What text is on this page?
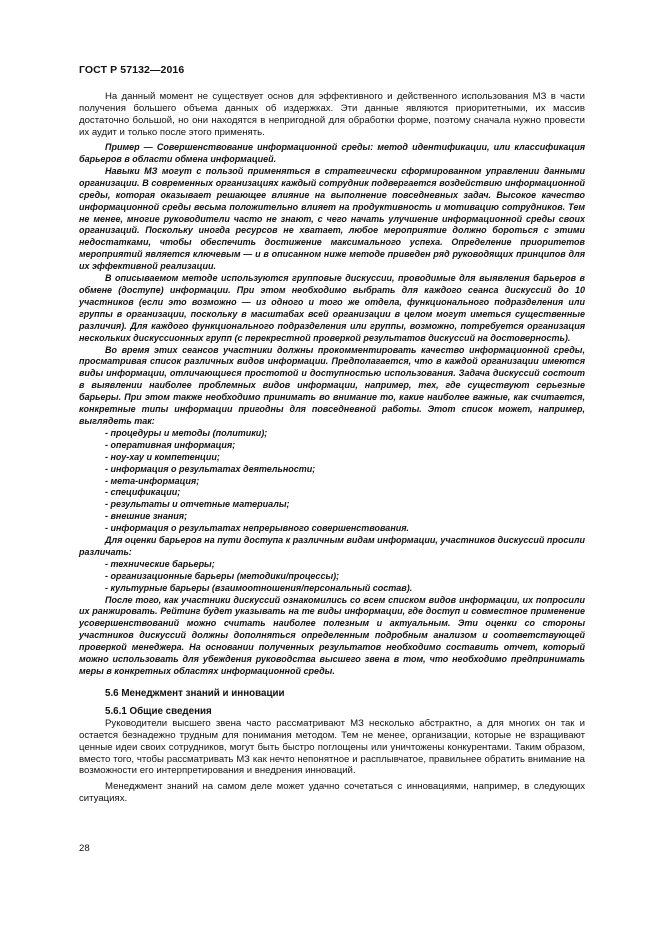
ГОСТ Р 57132—2016

На данный момент не существует основ для эффективного и действенного использования МЗ в части получения большего объема данных об издержках. Эти данные являются приоритетными, их массив достаточно большой, но они находятся в непригодной для обработки форме, поэтому сначала нужно провести их аудит и только после этого применять.

Пример — Совершенствование информационной среды: метод идентификации, или классификация барьеров в области обмена информацией.

Навыки МЗ могут с пользой применяться в стратегически сформированном управлении данными организации. В современных организациях каждый сотрудник подвергается воздействию информационной среды, которая оказывает решающее влияние на выполнение повседневных задач. Высокое качество информационной среды весьма положительно влияет на продуктивность и мотивацию сотрудников. Тем не менее, многие руководители часто не знают, с чего начать улучшение информационной среды своих организаций. Поскольку иногда ресурсов не хватает, любое мероприятие должно бороться с этими недостатками, чтобы обеспечить достижение максимального успеха. Определение приоритетов мероприятий является ключевым — и в описанном ниже методе приведен ряд руководящих принципов для их эффективной реализации.

В описываемом методе используются групповые дискуссии, проводимые для выявления барьеров в обмене (доступе) информации. При этом необходимо выбрать для каждого сеанса дискуссий до 10 участников (если это возможно — из одного и того же отдела, функционального подразделения или группы в организации, поскольку в масштабах всей организации в целом могут иметься существенные различия). Для каждого функционального подразделения или группы, возможно, потребуется организация нескольких дискуссионных групп (с перекрестной проверкой результатов дискуссий на достоверность).

Во время этих сеансов участники должны прокомментировать качество информационной среды, просматривая список различных видов информации. Предполагается, что в каждой организации имеются виды информации, отличающиеся простотой и доступностью использования. Задача дискуссий состоит в выявлении наиболее проблемных видов информации, например, тех, где существуют серьезные барьеры. При этом также необходимо принимать во внимание то, какие наиболее важные, как считается, конкретные типы информации пригодны для повседневной работы. Этот список может, например, выглядеть так:

- процедуры и методы (политики);
- оперативная информация;
- ноу-хау и компетенции;
- информация о результатах деятельности;
- мета-информация;
- спецификации;
- результаты и отчетные материалы;
- внешние знания;
- информация о результатах непрерывного совершенствования.

Для оценки барьеров на пути доступа к различным видам информации, участников дискуссий просили различать:

- технические барьеры;
- организационные барьеры (методики/процессы);
- культурные барьеры (взаимоотношения/персональный состав).

После того, как участники дискуссий ознакомились со всем списком видов информации, их попросили их ранжировать. Рейтинг будет указывать на те виды информации, где доступ и совместное применение усовершенствований можно считать наиболее полезным и актуальным. Эти оценки со стороны участников дискуссий должны дополняться определенным подробным анализом и соответствующей проверкой менеджера. На основании полученных результатов необходимо составить отчет, который можно использовать для убеждения руководства высшего звена в том, что необходимо предпринимать меры в конкретных областях информационной среды.

5.6 Менеджмент знаний и инновации
5.6.1 Общие сведения

Руководители высшего звена часто рассматривают МЗ несколько абстрактно, а для многих он так и остается безнадежно трудным для понимания методом. Тем не менее, организации, которые не взращивают ценные идеи своих сотрудников, могут быть быстро поглощены или уничтожены конкурентами. Таким образом, вместо того, чтобы рассматривать МЗ как нечто непонятное и расплывчатое, правильнее обратить внимание на возможности его интерпретирования и внедрения инноваций.

Менеджмент знаний на самом деле может удачно сочетаться с инновациями, например, в следующих ситуациях.

28
